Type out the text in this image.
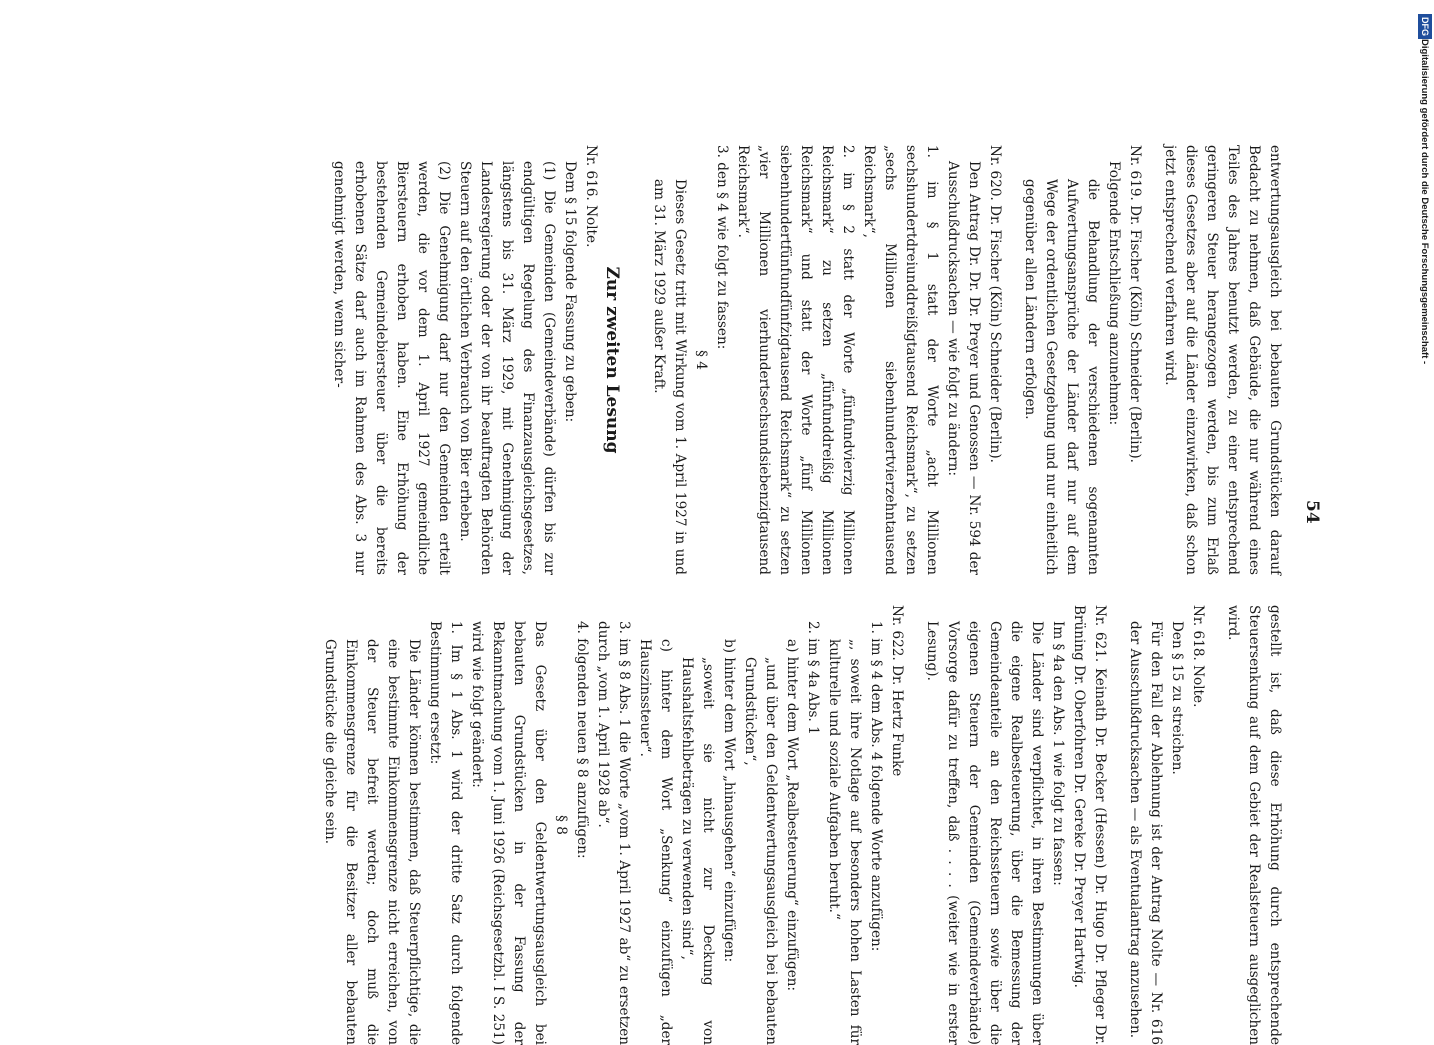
54

entwertungsausgleich bei bebauten Grundstücken darauf Bedacht zu nehmen, daß Gebäude, die nur während eines Teiles des Jahres benutzt werden, zu einer entsprechend geringeren Steuer herangezogen werden, bis zum Erlaß dieses Gesetzes aber auf die Länder einzuwirken, daß schon jetzt entsprechend verfahren wird.

Nr. 619. Dr. Fischer (Köln) Schneider (Berlin).

Folgende Entschließung anzunehmen:

die Behandlung der verschiedenen sogenannten Aufwertungsansprüche der Länder darf nur auf dem Wege der ordentlichen Gesetzgebung und nur einheitlich gegenüber allen Ländern erfolgen.

Nr. 620. Dr. Fischer (Köln) Schneider (Berlin).

Den Antrag Dr. Dr. Dr. Preyer und Genossen — Nr. 594 der Ausschußdrucksachen — wie folgt zu ändern:

1. im § 1 statt der Worte „acht Millionen sechshundertdreiunddreißigtausend Reichsmark“, zu setzen „sechs Millionen siebenhundertvierzehntausend Reichsmark“,

2. im § 2 statt der Worte „fünfundvierzig Millionen Reichsmark“ zu setzen „fünfunddreißig Millionen Reichsmark“ und statt der Worte „fünf Millionen siebenhundertfünfundfünfzigtausend Reichsmark“ zu setzen „vier Millionen vierhundertsechsundsiebenzigtausend Reichsmark“.

3. den § 4 wie folgt zu fassen:

§ 4

Dieses Gesetz tritt mit Wirkung vom 1. April 1927 in und am 31. März 1929 außer Kraft.

Zur zweiten Lesung

Nr. 616. Nolte.

Dem § 15 folgende Fassung zu geben:

(1) Die Gemeinden (Gemeindeverbände) dürfen bis zur endgültigen Regelung des Finanzausgleichsgesetzes, längstens bis 31. März 1929, mit Genehmigung der Landesregierung oder der von ihr beauftragten Behörden Steuern auf den örtlichen Verbrauch von Bier erheben.

(2) Die Genehmigung darf nur den Gemeinden erteilt werden, die vor dem 1. April 1927 gemeindliche Biersteuern erhoben haben. Eine Erhöhung der bestehenden Gemeindebiersteuer über die bereits erhobenen Sätze darf auch im Rahmen des Abs. 3 nur genehmigt werden, wenn sicher-

gestellt ist, daß diese Erhöhung durch entsprechende Steuersenkung auf dem Gebiet der Realsteuern ausgeglichen wird.

Nr. 618. Nolte.

Den § 15 zu streichen.

Für den Fall der Ablehnung ist der Antrag Nolte — Nr. 616 der Ausschußdrucksachen — als Eventualantrag anzusehen.

Nr. 621. Keinath Dr. Becker (Hessen) Dr. Hugo Dr. Pfleger Dr. Brüning Dr. Oberfohren Dr. Gereke Dr. Preyer Hartwig.

Im § 4a den Abs. 1 wie folgt zu fassen:

Die Länder sind verpflichtet, in ihren Bestimmungen über die eigene Realbesteuerung, über die Bemessung der Gemeindeanteile an den Reichssteuern sowie über die eigenen Steuern der Gemeinden (Gemeindeverbände) Vorsorge dafür zu treffen, daß . . . . (weiter wie in erster Lesung).

Nr. 622. Dr. Hertz Funke

1. im § 4 dem Abs. 4 folgende Worte anzufügen:

„, soweit ihre Notlage auf besonders hohen Lasten für kulturelle und soziale Aufgaben beruht.“

2. im § 4a Abs. 1

a) hinter dem Wort „Realbesteuerung“ einzufügen:

„und über den Geldentwertungsausgleich bei bebauten Grundstücken“,

b) hinter dem Wort „hinausgehen“ einzufügen:

„soweit sie nicht zur Deckung von Haushaltsfehlbeträgen zu verwenden sind“,

c) hinter dem Wort „Senkung“ einzufügen „der Hauszinssteuer“.

3. im § 8 Abs. 1 die Worte „vom 1. April 1927 ab“ zu ersetzen durch „vom 1. April 1928 ab“.

4. folgenden neuen § 8 anzufügen:

§ 8

Das Gesetz über den Geldentwertungsausgleich bei bebauten Grundstücken in der Fassung der Bekanntmachung vom 1. Juni 1926 (Reichsgesetzbl. I S. 251) wird wie folgt geändert:

1. Im § 1 Abs. 1 wird der dritte Satz durch folgende Bestimmung ersetzt:

Die Länder können bestimmen, daß Steuerpflichtige, die eine bestimmte Einkommensgrenze nicht erreichen, von der Steuer befreit werden; doch muß die Einkommensgrenze für die Besitzer aller bebauten Grundstücke die gleiche sein.

Digitalisierung gefördert durch die Deutsche Forschungsgemeinschaft -DFG
